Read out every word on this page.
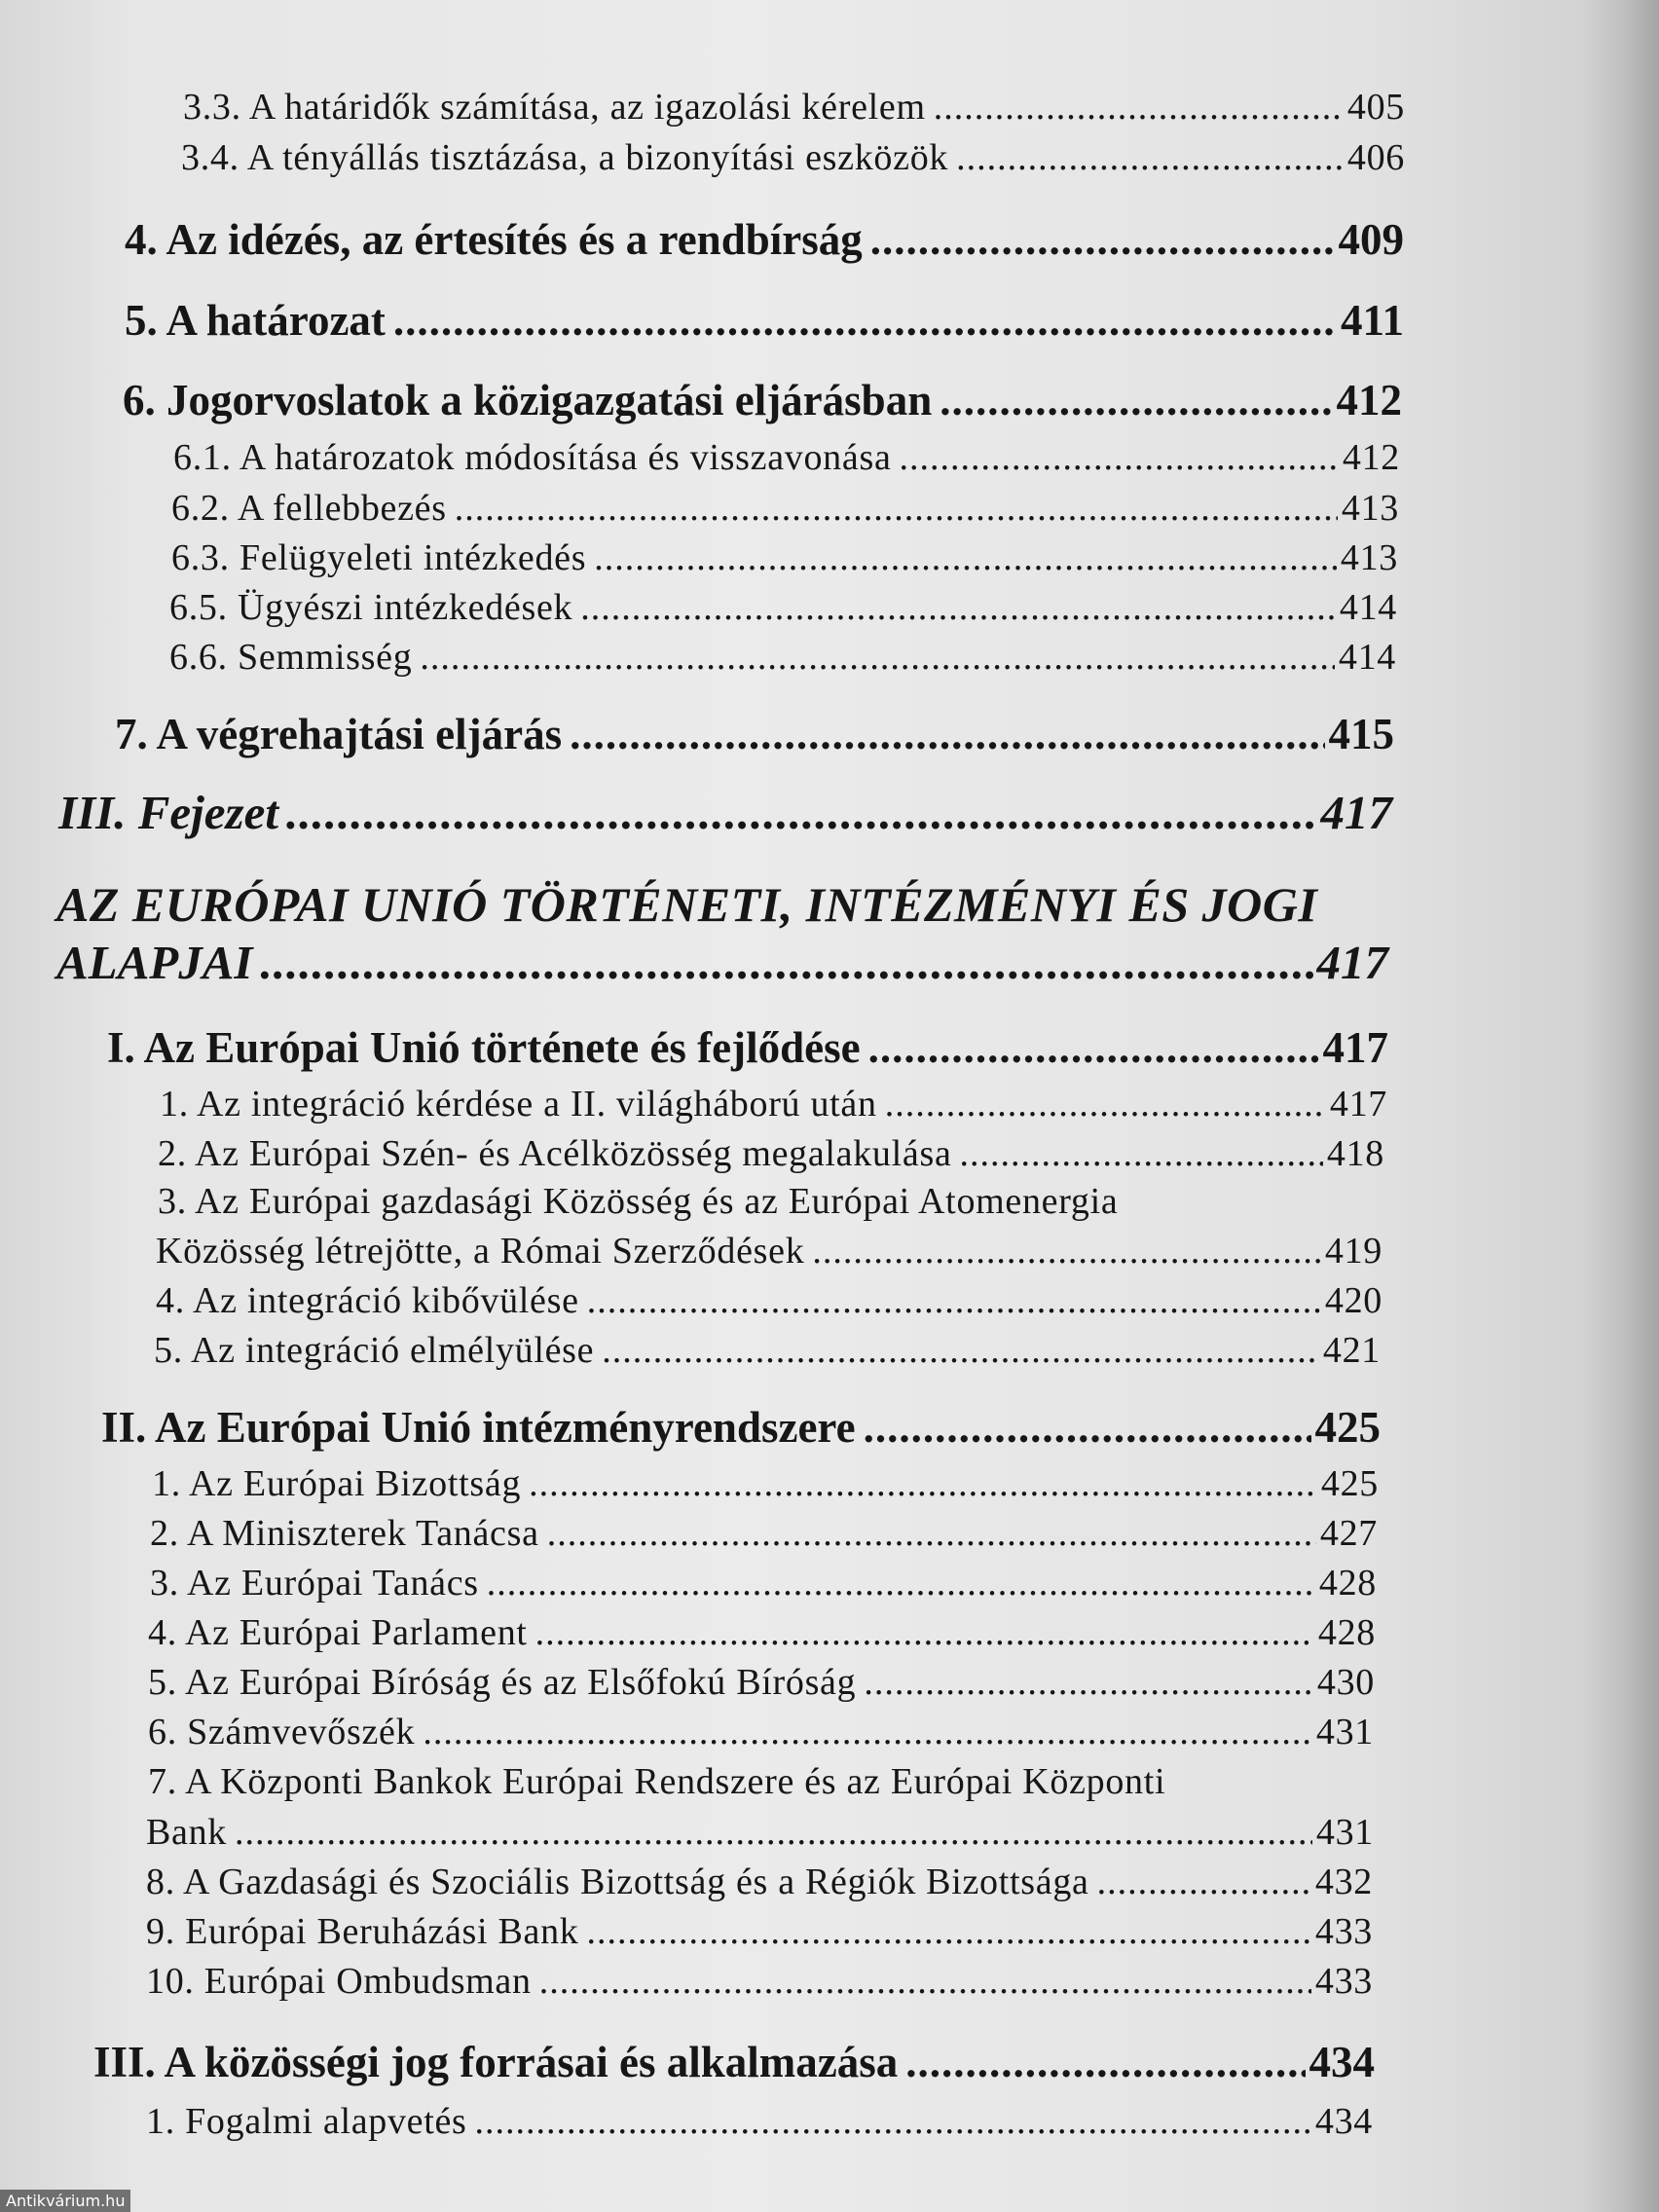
3.3. A határidők számítása, az igazolási kérelem .....	405
3.4. A tényállás tisztázása, a bizonyítási eszközök .....	406
4. Az idézés, az értesítés és a rendbírság .....	409
5. A határozat .....	411
6. Jogorvoslatok a közigazgatási eljárásban .....	412
6.1. A határozatok módosítása és visszavonása .....	412
6.2. A fellebbezés .....	413
6.3. Felügyeleti intézkedés .....	413
6.5. Ügyészi intézkedések .....	414
6.6. Semmisség .....	414
7. A végrehajtási eljárás .....	415
III. Fejezet .....	417
AZ EURÓPAI UNIÓ TÖRTÉNETI, INTÉZMÉNYI ÉS JOGI
ALAPJAI .....	417
I. Az Európai Unió története és fejlődése .....	417
1. Az integráció kérdése a II. világháború után .....	417
2. Az Európai Szén- és Acélközösség megalakulása .....	418
3. Az Európai gazdasági Közösség és az Európai Atomenergia
Közösség létrejötte, a Római Szerződések .....	419
4. Az integráció kibővülése .....	420
5. Az integráció elmélyülése .....	421
II. Az Európai Unió intézményrendszere .....	425
1. Az Európai Bizottság .....	425
2. A Miniszterek Tanácsa .....	427
3. Az Európai Tanács .....	428
4. Az Európai Parlament .....	428
5. Az Európai Bíróság és az Elsőfokú Bíróság .....	430
6. Számvevőszék .....	431
7. A Központi Bankok Európai Rendszere és az Európai Központi
Bank .....	431
8. A Gazdasági és Szociális Bizottság és a Régiók Bizottsága .....	432
9. Európai Beruházási Bank .....	433
10. Európai Ombudsman .....	433
III. A közösségi jog forrásai és alkalmazása .....	434
1. Fogalmi alapvetés .....	434
Antikvárium.hu
